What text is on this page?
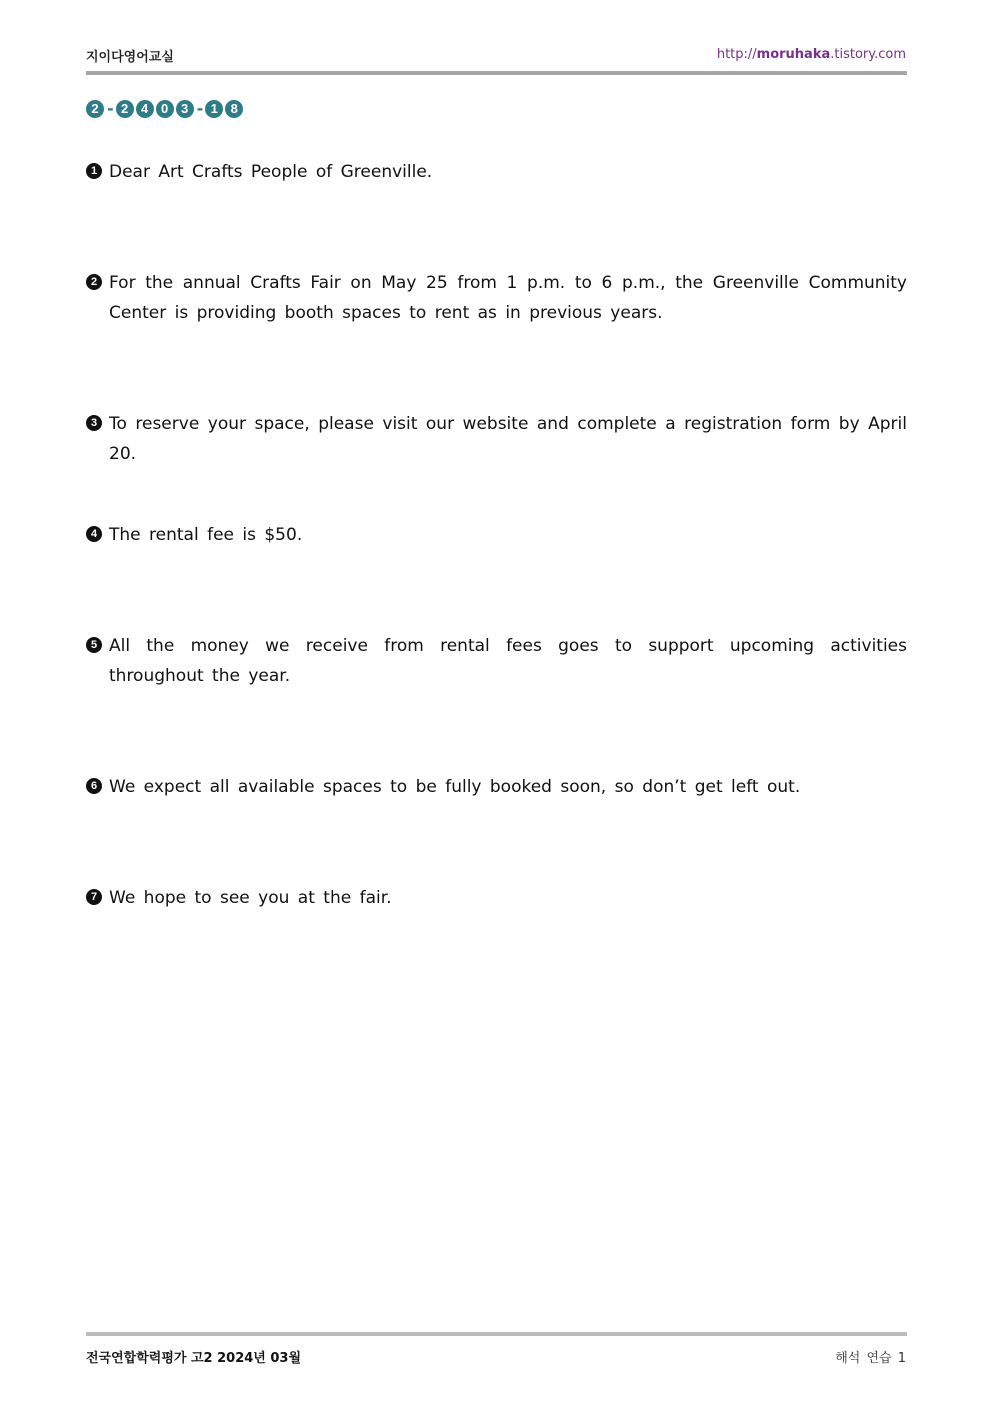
지이다영어교실	http://moruhaka.tistory.com
2 - 2 4 0 3 - 1 8
1 Dear Art Crafts People of Greenville.
2 For the annual Crafts Fair on May 25 from 1 p.m. to 6 p.m., the Greenville Community Center is providing booth spaces to rent as in previous years.
3 To reserve your space, please visit our website and complete a registration form by April 20.
4 The rental fee is $50.
5 All the money we receive from rental fees goes to support upcoming activities throughout the year.
6 We expect all available spaces to be fully booked soon, so don’t get left out.
7 We hope to see you at the fair.
전국연합학력평가 고2 2024년 03월	해석 연습 1
